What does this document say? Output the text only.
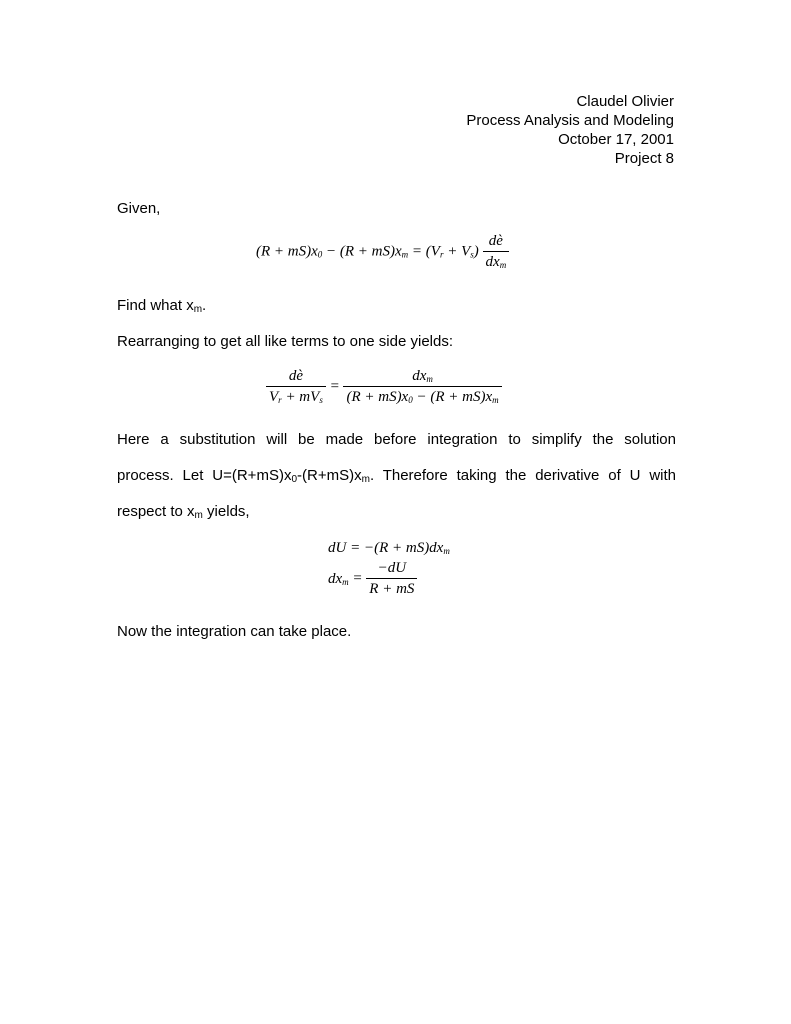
Claudel Olivier
Process Analysis and Modeling
October 17, 2001
Project 8
Given,
$(R + mS)x_0 - (R + mS)x_m = (V_r + V_s) \frac{dè}{dx_m}$
Find what $x_m$.
Rearranging to get all like terms to one side yields:
$\frac{dè}{V_r + mV_s} = \frac{dx_m}{(R + mS)x_0 - (R + mS)x_m}$
Here a substitution will be made before integration to simplify the solution
process. Let $U=(R+mS)x_0-(R+mS)x_m$. Therefore taking the derivative of U with
respect to $x_m$ yields,
dU = $-(R + mS)dx_m$
$dx_m = \frac{-dU}{R + mS}$
Now the integration can take place.
